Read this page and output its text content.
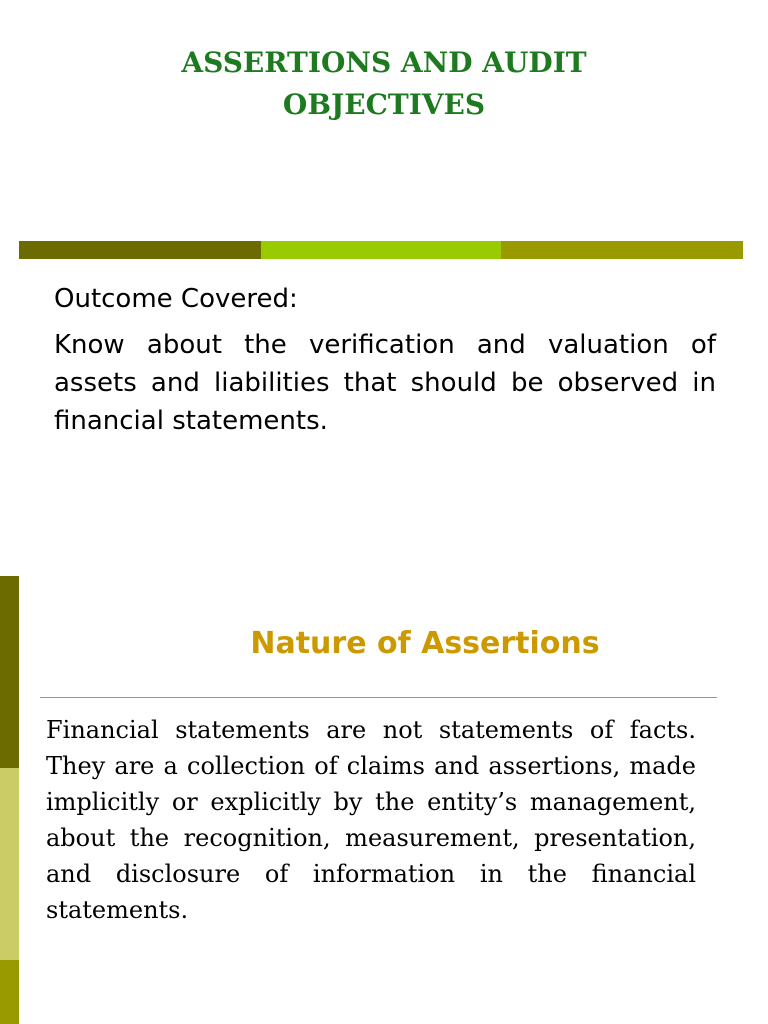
ASSERTIONS AND AUDIT
OBJECTIVES

Outcome Covered:

Know about the verification and valuation of assets and liabilities that should be observed in financial statements.

Nature of Assertions

Financial statements are not statements of facts. They are a collection of claims and assertions, made implicitly or explicitly by the entity’s management, about the recognition, measurement, presentation, and disclosure of information in the financial statements.
